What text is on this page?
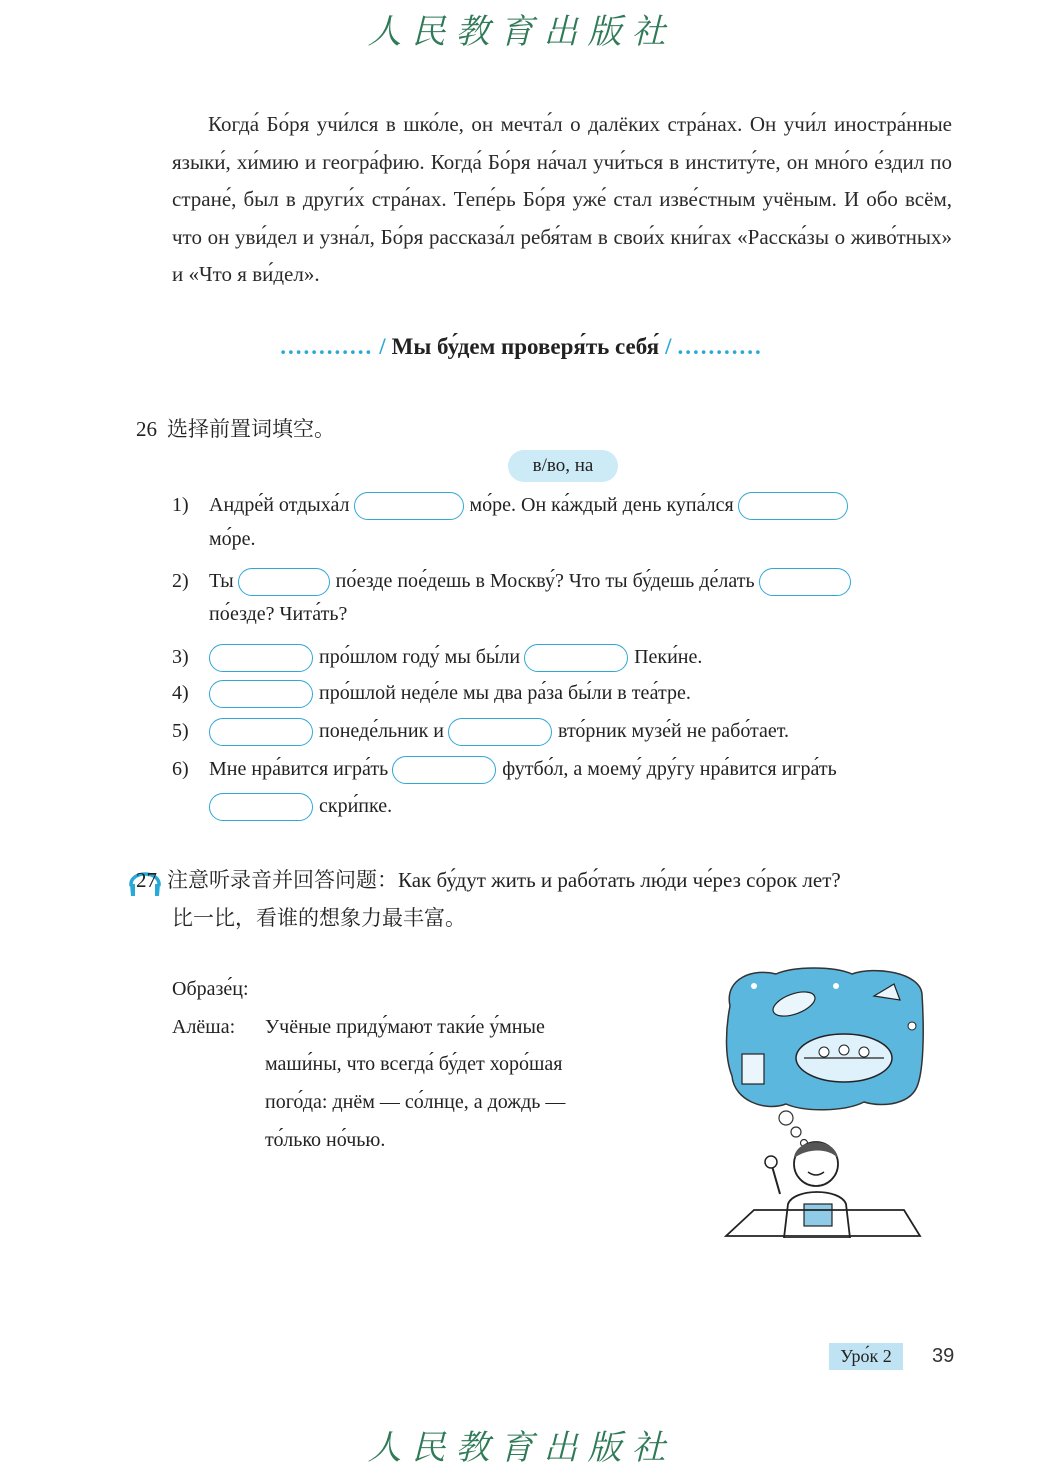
人民教育出版社

Когда́ Бо́ря учи́лся в шко́ле, он мечта́л о далёких стра́нах. Он учи́л иностра́нные языки́, хи́мию и геогра́фию. Когда́ Бо́ря на́чал учи́ться в институ́те, он мно́го е́здил по стране́, был в други́х стра́нах. Тепе́рь Бо́ря уже́ стал изве́стным учёным. И обо всём, что он уви́дел и узна́л, Бо́ря рассказа́л ребя́там в свои́х кни́гах «Расска́зы о живо́тных» и «Что я ви́дел».

............ / Мы бу́дем проверя́ть себя́ / ...........
26 选择前置词填空。
в/во, на
1) Андре́й отдыха́л	мо́ре. Он ка́ждый день купа́лся
мо́ре.
2) Ты	по́езде пое́дешь в Москву́? Что ты бу́дешь де́лать
по́езде? Чита́ть?
3)	про́шлом году́ мы бы́ли	Пеки́не.
4)	про́шлой неде́ле мы два ра́за бы́ли в теа́тре.
5)	понеде́льник и	вто́рник музе́й не рабо́тает.
6) Мне нра́вится игра́ть	футбо́л, а моему́ дру́гу нра́вится игра́ть
скри́пке.
27 注意听录音并回答问题：Как бу́дут жить и рабо́тать лю́ди че́рез со́рок лет?
比一比，看谁的想象力最丰富。
Образе́ц:
Алёша: Учёные приду́мают таки́е у́мные
маши́ны, что всегда́ бу́дет хоро́шая
пого́да: днём — со́лнце, а дождь —
то́лько но́чью.
Уро́к 2	39
人民教育出版社
